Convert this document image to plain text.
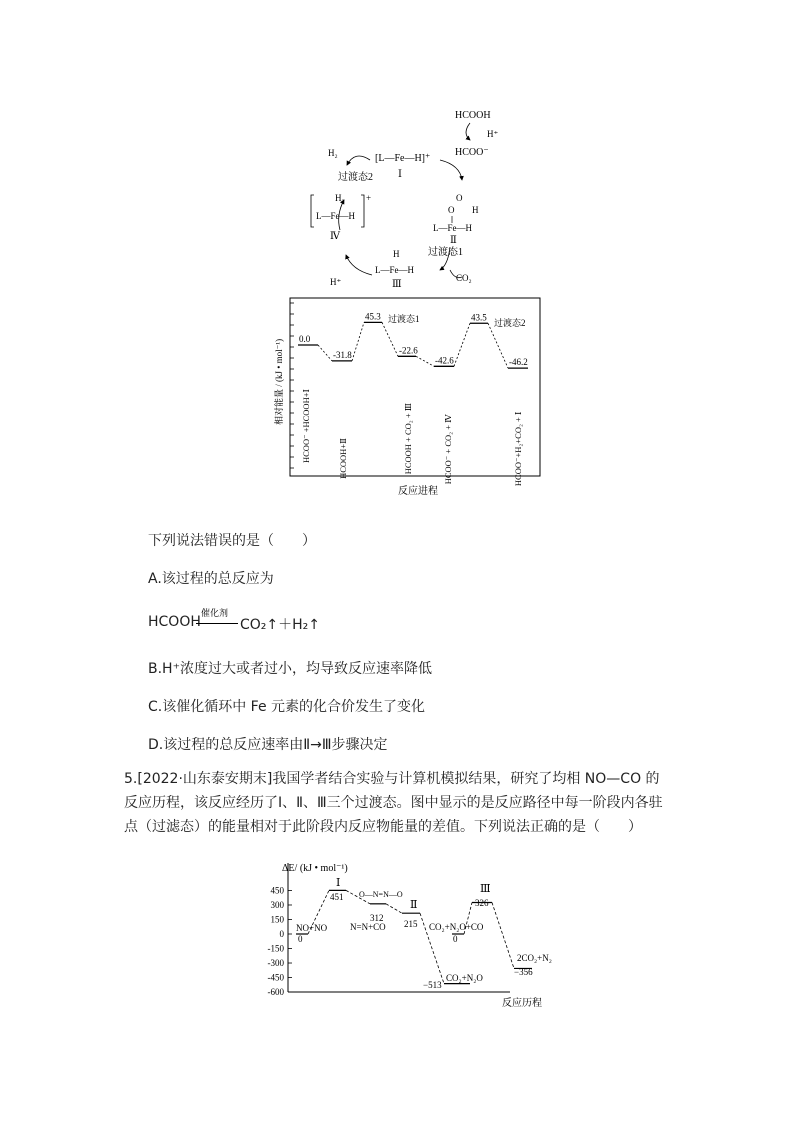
HCOOH
H⁺
HCOO⁻
H₂
过渡态2
[L—Fe—H]⁺
Ⅰ
O
O H
L—Fe—H
Ⅱ
H₂
L—Fe—H
+
Ⅳ
过渡态1
H
L—Fe—H
Ⅲ
CO₂
H⁺
相对能量 / (kJ • mol⁻¹)
反应进程
0.0
-31.8
45.3
-22.6
-42.6
43.5
-46.2
过渡态1	过渡态2
HCOO⁻ +HCOOH+Ⅰ	HCOOH+Ⅱ	HCOOH + CO₂ + Ⅲ	HCOO⁻ + CO₂ + Ⅳ	HCOO⁻+H₂+CO₂ + Ⅰ
下列说法错误的是（　　）
A.该过程的总反应为
HCOOH 催化剂
CO₂↑＋H₂↑
B.H⁺浓度过大或者过小，均导致反应速率降低
C.该催化循环中 Fe 元素的化合价发生了变化
D.该过程的总反应速率由Ⅱ→Ⅲ步骤决定
5.[2022·山东泰安期末]我国学者结合实验与计算机模拟结果，研究了均相 NO—CO 的
反应历程，该反应经历了Ⅰ、Ⅱ、Ⅲ三个过渡态。图中显示的是反应路径中每一阶段内各驻
点（过滤态）的能量相对于此阶段内反应物能量的差值。下列说法正确的是（　　）
ΔE/ (kJ • mol⁻¹)
反应历程
450
300
150
0
-150
-300
-450
-600
NO+NO
0
Ⅰ
451 O—N=N—O
312
N=N+CO
Ⅱ
215 CO₂+N₂O+CO
0
Ⅲ
326
−513
CO₂+N₂O
2CO₂+N₂
−356
